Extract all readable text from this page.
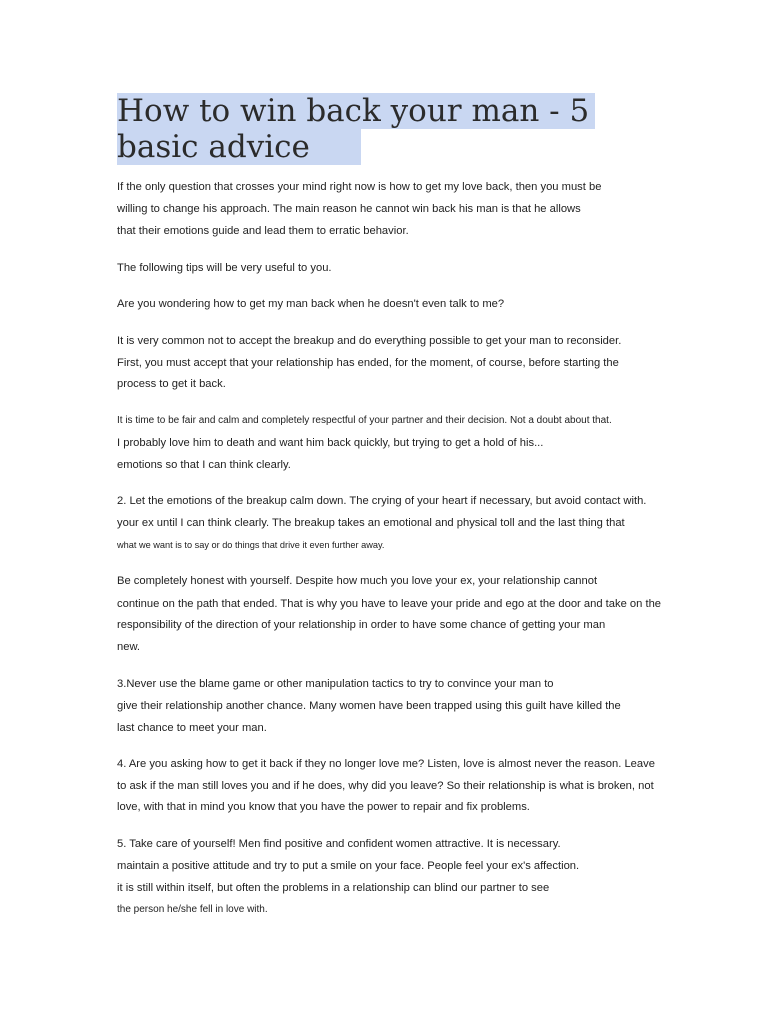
How to win back your man - 5
basic advice

If the only question that crosses your mind right now is how to get my love back, then you must be

willing to change his approach. The main reason he cannot win back his man is that he allows

that their emotions guide and lead them to erratic behavior.

The following tips will be very useful to you.

Are you wondering how to get my man back when he doesn't even talk to me?

It is very common not to accept the breakup and do everything possible to get your man to reconsider.

First, you must accept that your relationship has ended, for the moment, of course, before starting the

process to get it back.

It is time to be fair and calm and completely respectful of your partner and their decision. Not a doubt about that.

I probably love him to death and want him back quickly, but trying to get a hold of his...

emotions so that I can think clearly.

2. Let the emotions of the breakup calm down. The crying of your heart if necessary, but avoid contact with.

your ex until I can think clearly. The breakup takes an emotional and physical toll and the last thing that

what we want is to say or do things that drive it even further away.

Be completely honest with yourself. Despite how much you love your ex, your relationship cannot

continue on the path that ended. That is why you have to leave your pride and ego at the door and take on the

responsibility of the direction of your relationship in order to have some chance of getting your man

new.

3.Never use the blame game or other manipulation tactics to try to convince your man to

give their relationship another chance. Many women have been trapped using this guilt have killed the

last chance to meet your man.

4. Are you asking how to get it back if they no longer love me? Listen, love is almost never the reason. Leave

to ask if the man still loves you and if he does, why did you leave? So their relationship is what is broken, not

love, with that in mind you know that you have the power to repair and fix problems.

5. Take care of yourself! Men find positive and confident women attractive. It is necessary.

maintain a positive attitude and try to put a smile on your face. People feel your ex's affection.

it is still within itself, but often the problems in a relationship can blind our partner to see

the person he/she fell in love with.
